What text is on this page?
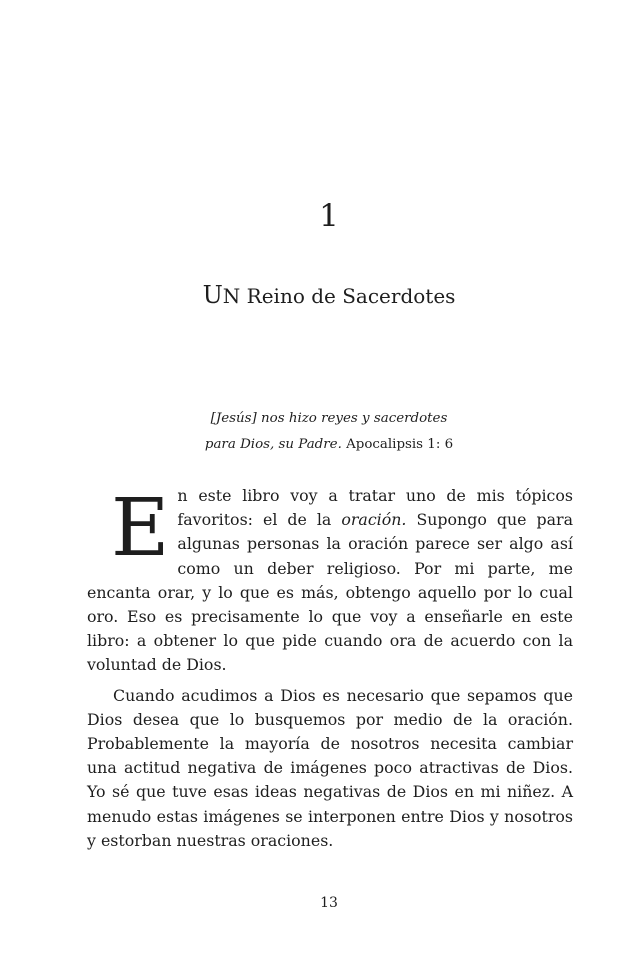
1
UN Reino de Sacerdotes
[Jesús] nos hizo reyes y sacerdotes
para Dios, su Padre. Apocalipsis 1: 6

En este libro voy a tratar uno de mis tópicos favoritos: el de la oración. Supongo que para algunas personas la oración parece ser algo así como un deber religioso. Por mi parte, me encanta orar, y lo que es más, obtengo aquello por lo cual oro. Eso es precisamente lo que voy a enseñarle en este libro: a obtener lo que pide cuando ora de acuerdo con la voluntad de Dios.

Cuando acudimos a Dios es necesario que sepamos que Dios desea que lo busquemos por medio de la oración. Probablemente la mayoría de nosotros necesita cambiar una actitud negativa de imágenes poco atractivas de Dios. Yo sé que tuve esas ideas negativas de Dios en mi niñez. A menudo estas imágenes se interponen entre Dios y nosotros y estorban nuestras oraciones.

13
